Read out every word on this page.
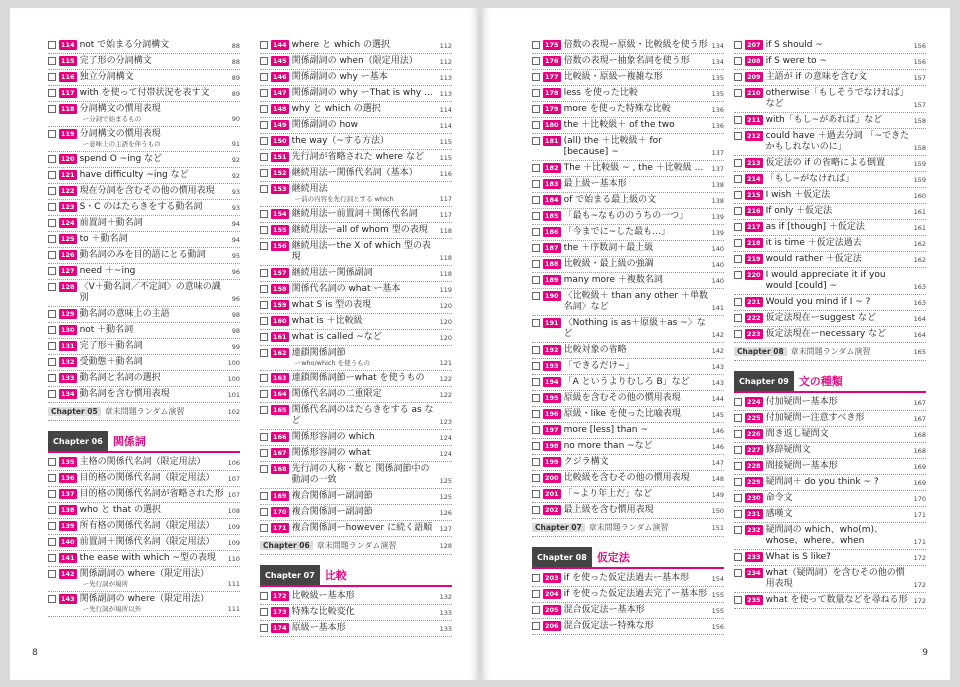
114 not で始まる分詞構文	88
115 完了形の分詞構文	88
116 独立分詞構文	89
117 with を使って付帯状況を表す文	89
118 分詞構文の慣用表現
ー分詞で始まるもの	90
119 分詞構文の慣用表現
ー意味上の主語を伴うもの	91
120 spend O ~ing など	92
121 have difficulty ~ing など	92
122 現在分詞を含むその他の慣用表現	93
123 S・C のはたらきをする動名詞	93
124 前置詞＋動名詞	94
125 to ＋動名詞	94
126 動名詞のみを目的語にとる動詞	95
127 need ＋~ing	96
128 〈V＋動名詞／不定詞〉の意味の識別	96
129 動名詞の意味上の主語	98
130 not ＋動名詞	98
131 完了形＋動名詞	99
132 受動態＋動名詞	100
133 動名詞と名詞の選択	100
134 動名詞を含む慣用表現	101
Chapter 05 章末問題ランダム演習	102
Chapter 06 関係詞
135 主格の関係代名詞（限定用法）	106
136 目的格の関係代名詞（限定用法）	107
137 目的格の関係代名詞が省略された形 107
138 who と that の選択	108
139 所有格の関係代名詞（限定用法）	109
140 前置詞＋関係代名詞（限定用法）	109
141 the ease with which ~型の表現	110
142 関係副詞の where（限定用法）
ー先行詞が場所	111
143 関係副詞の where（限定用法）
ー先行詞が場所以外	111
144 where と which の選択	112
145 関係副詞の when（限定用法）	112
146 関係副詞の why ー基本	113
147 関係副詞の why ーThat is why ...	113
148 why と which の選択	114
149 関係副詞の how	114
150 the way（~する方法）	115
151 先行詞が省略された where など	115
152 継続用法ー関係代名詞（基本）	116
153 継続用法
ー前の内容を先行詞とする which	117
154 継続用法ー前置詞＋関係代名詞	117
155 継続用法ーall of whom 型の表現	118
156 継続用法ーthe X of which 型の表現	118
157 継続用法ー関係副詞	118
158 関係代名詞の what ー基本	119
159 what S is 型の表現	120
160 what is ＋比較級	120
161 what is called ~など	120
162 連鎖関係詞節
ーwho/which を使うもの	121
163 連鎖関係詞節ーwhat を使うもの	122
164 関係代名詞の二重限定	122
165 関係代名詞のはたらきをする as など	123
166 関係形容詞の which	124
167 関係形容詞の what	124
168 先行詞の人称・数と 関係詞節中の動詞の一致	125
169 複合関係詞ー副詞節	125
170 複合関係詞ー副詞節	126
171 複合関係詞ーhowever に続く語順	127
Chapter 06 章末問題ランダム演習	128
Chapter 07 比較
172 比較級ー基本形	132
173 特殊な比較変化	133
174 原級ー基本形	133
8
175 倍数の表現ー原級・比較級を使う形 134
176 倍数の表現ー抽象名詞を使う形	134
177 比較級・原級ー複雑な形	135
178 less を使った比較	135
179 more を使った特殊な比較	136
180 the ＋比較級＋ of the two	136
181 (all) the ＋比較級＋ for [because] ~	137
182 The ＋比較級 ~ , the ＋比較級 ...	137
183 最上級ー基本形	138
184 of で始まる最上級の文	138
185 「最も~なもののうちの一つ」	139
186 「今までに~した最も…」	139
187 the ＋序数詞＋最上級	140
188 比較級・最上級の強調	140
189 many more ＋複数名詞	140
190 〈比較級＋ than any other ＋単数名詞〉など	141
191 〈Nothing is as＋原級＋as ~〉など	142
192 比較対象の省略	142
193 「できるだけ~」	143
194 「A というよりむしろ B」など	143
195 原級を含むその他の慣用表現	144
196 原級・like を使った比喩表現	145
197 more [less] than ~	146
198 no more than ~など	146
199 クジラ構文	147
200 比較級を含むその他の慣用表現	148
201 「~より年上だ」など	149
202 最上級を含む慣用表現	150
Chapter 07 章末問題ランダム演習	151
Chapter 08 仮定法
203 if を使った仮定法過去ー基本形	154
204 if を使った仮定法過去完了ー基本形 155
205 混合仮定法ー基本形	155
206 混合仮定法ー特殊な形	156
207 if S should ~	156
208 if S were to ~	156
209 主語が if の意味を含む文	157
210 otherwise「もしそうでなければ」など	157
211 with「もし~があれば」など	158
212 could have ＋過去分詞 「~できたかもしれないのに」	158
213 仮定法の if の省略による倒置	159
214 「もし~がなければ」	159
215 I wish ＋仮定法	160
216 If only ＋仮定法	161
217 as if [though] ＋仮定法	161
218 it is time ＋仮定法過去	162
219 would rather ＋仮定法	162
220 I would appreciate it if you would [could] ~	163
221 Would you mind if I ~ ?	163
222 仮定法現在ーsuggest など	164
223 仮定法現在ーnecessary など	164
Chapter 08 章末問題ランダム演習	165
Chapter 09 文の種類
224 付加疑問ー基本形	167
225 付加疑問ー注意すべき形	167
226 間き返し疑問文	168
227 修辞疑問文	168
228 間接疑問ー基本形	169
229 疑問詞＋ do you think ~ ?	169
230 命令文	170
231 感嘆文	171
232 疑問詞の which、who(m)、whose、where、when	171
233 What is S like?	172
234 what（疑問詞）を含むその他の慣用表現	172
235 what を使って数量などを尋ねる形 172
9
